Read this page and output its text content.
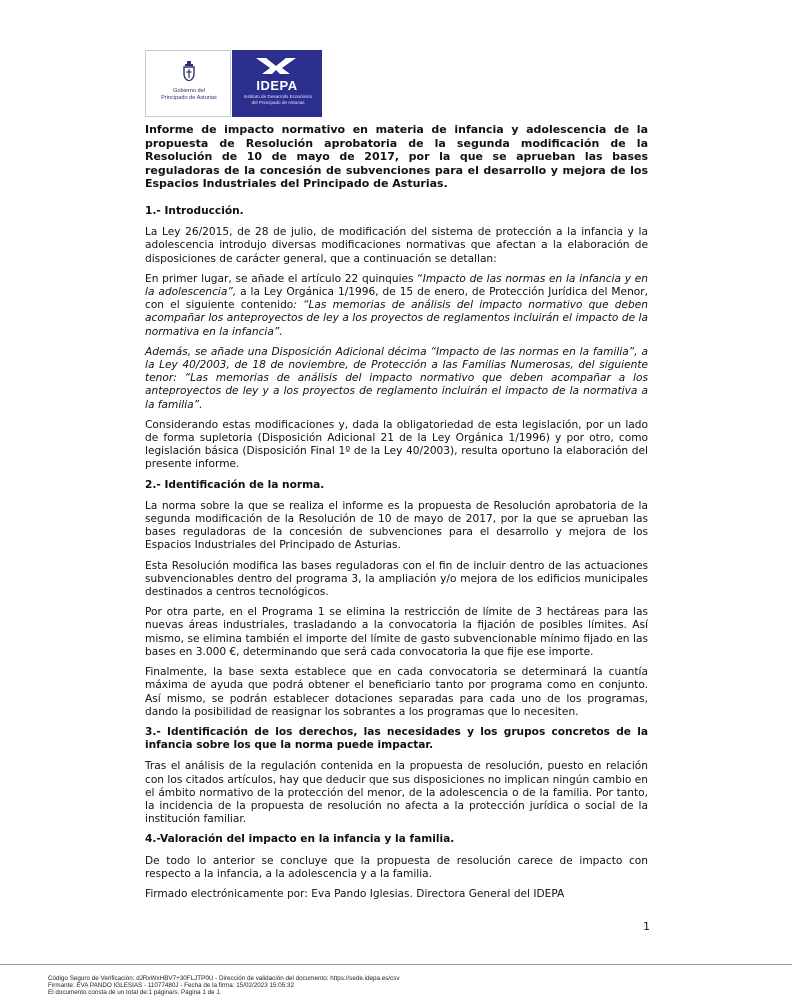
Gobierno del
Principado de Asturias
IDEPA
Instituto de Desarrollo Económico
del Principado de Asturias
Informe de impacto normativo en materia de infancia y adolescencia de la propuesta de Resolución aprobatoria de la segunda modificación de la Resolución de 10 de mayo de 2017, por la que se aprueban las bases reguladoras de la concesión de subvenciones para el desarrollo y mejora de los Espacios Industriales del Principado de Asturias.
1.- Introducción.

La Ley 26/2015, de 28 de julio, de modificación del sistema de protección a la infancia y la adolescencia introdujo diversas modificaciones normativas que afectan a la elaboración de disposiciones de carácter general, que a continuación se detallan:

En primer lugar, se añade el artículo 22 quinquies “Impacto de las normas en la infancia y en la adolescencia”, a la Ley Orgánica 1/1996, de 15 de enero, de Protección Jurídica del Menor, con el siguiente contenido: “Las memorias de análisis del impacto normativo que deben acompañar los anteproyectos de ley a los proyectos de reglamentos incluirán el impacto de la normativa en la infancia”.

Además, se añade una Disposición Adicional décima “Impacto de las normas en la familia”, a la Ley 40/2003, de 18 de noviembre, de Protección a las Familias Numerosas, del siguiente tenor: “Las memorias de análisis del impacto normativo que deben acompañar a los anteproyectos de ley y a los proyectos de reglamento incluirán el impacto de la normativa a la familia”.

Considerando estas modificaciones y, dada la obligatoriedad de esta legislación, por un lado de forma supletoria (Disposición Adicional 21 de la Ley Orgánica 1/1996) y por otro, como legislación básica (Disposición Final 1º de la Ley 40/2003), resulta oportuno la elaboración del presente informe.

2.- Identificación de la norma.

La norma sobre la que se realiza el informe es la propuesta de Resolución aprobatoria de la segunda modificación de la Resolución de 10 de mayo de 2017, por la que se aprueban las bases reguladoras de la concesión de subvenciones para el desarrollo y mejora de los Espacios Industriales del Principado de Asturias.

Esta Resolución modifica las bases reguladoras con el fin de incluir dentro de las actuaciones subvencionables dentro del programa 3, la ampliación y/o mejora de los edificios municipales destinados a centros tecnológicos.

Por otra parte, en el Programa 1 se elimina la restricción de límite de 3 hectáreas para las nuevas áreas industriales, trasladando a la convocatoria la fijación de posibles límites. Así mismo, se elimina también el importe del límite de gasto subvencionable mínimo fijado en las bases en 3.000 €, determinando que será cada convocatoria la que fije ese importe.

Finalmente, la base sexta establece que en cada convocatoria se determinará la cuantía máxima de ayuda que podrá obtener el beneficiario tanto por programa como en conjunto. Así mismo, se podrán establecer dotaciones separadas para cada uno de los programas, dando la posibilidad de reasignar los sobrantes a los programas que lo necesiten.

3.- Identificación de los derechos, las necesidades y los grupos concretos de la infancia sobre los que la norma puede impactar.

Tras el análisis de la regulación contenida en la propuesta de resolución, puesto en relación con los citados artículos, hay que deducir que sus disposiciones no implican ningún cambio en el ámbito normativo de la protección del menor, de la adolescencia o de la familia. Por tanto, la incidencia de la propuesta de resolución no afecta a la protección jurídica o social de la institución familiar.

4.-Valoración del impacto en la infancia y la familia.

De todo lo anterior se concluye que la propuesta de resolución carece de impacto con respecto a la infancia, a la adolescencia y a la familia.

Firmado electrónicamente por: Eva Pando Iglesias. Directora General del IDEPA

1
Código Seguro de Verificación: dJRxWxHBV7+30FLJTP0U - Dirección de validación del documento: https://sede.idepa.es/csv
Firmante: EVA PANDO IGLESIAS - 11077480J - Fecha de la firma: 15/02/2023 15:05:32
El documento consta de un total de:1 página/s. Página 1 de 1.
